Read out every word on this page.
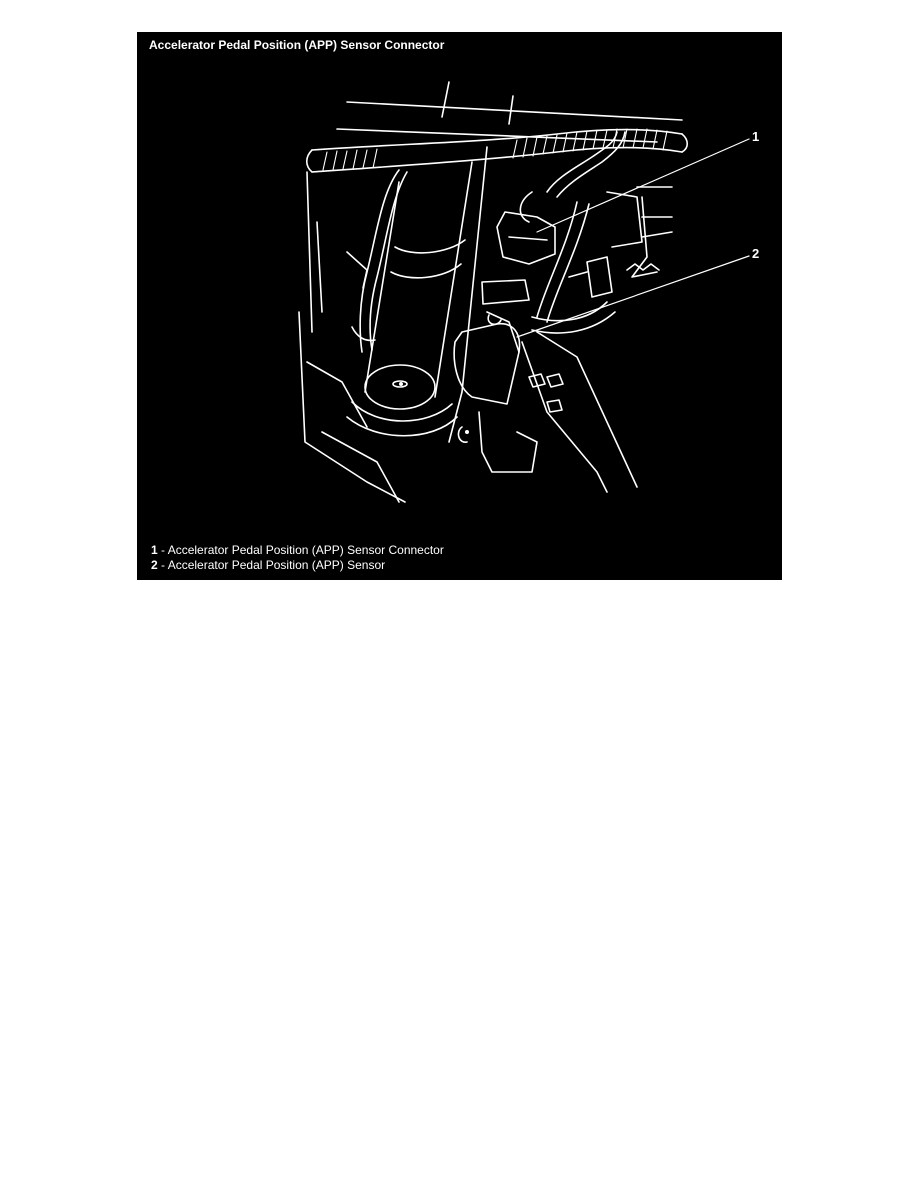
Accelerator Pedal Position (APP) Sensor Connector
1
2
1 - Accelerator Pedal Position (APP) Sensor Connector
2 - Accelerator Pedal Position (APP) Sensor
